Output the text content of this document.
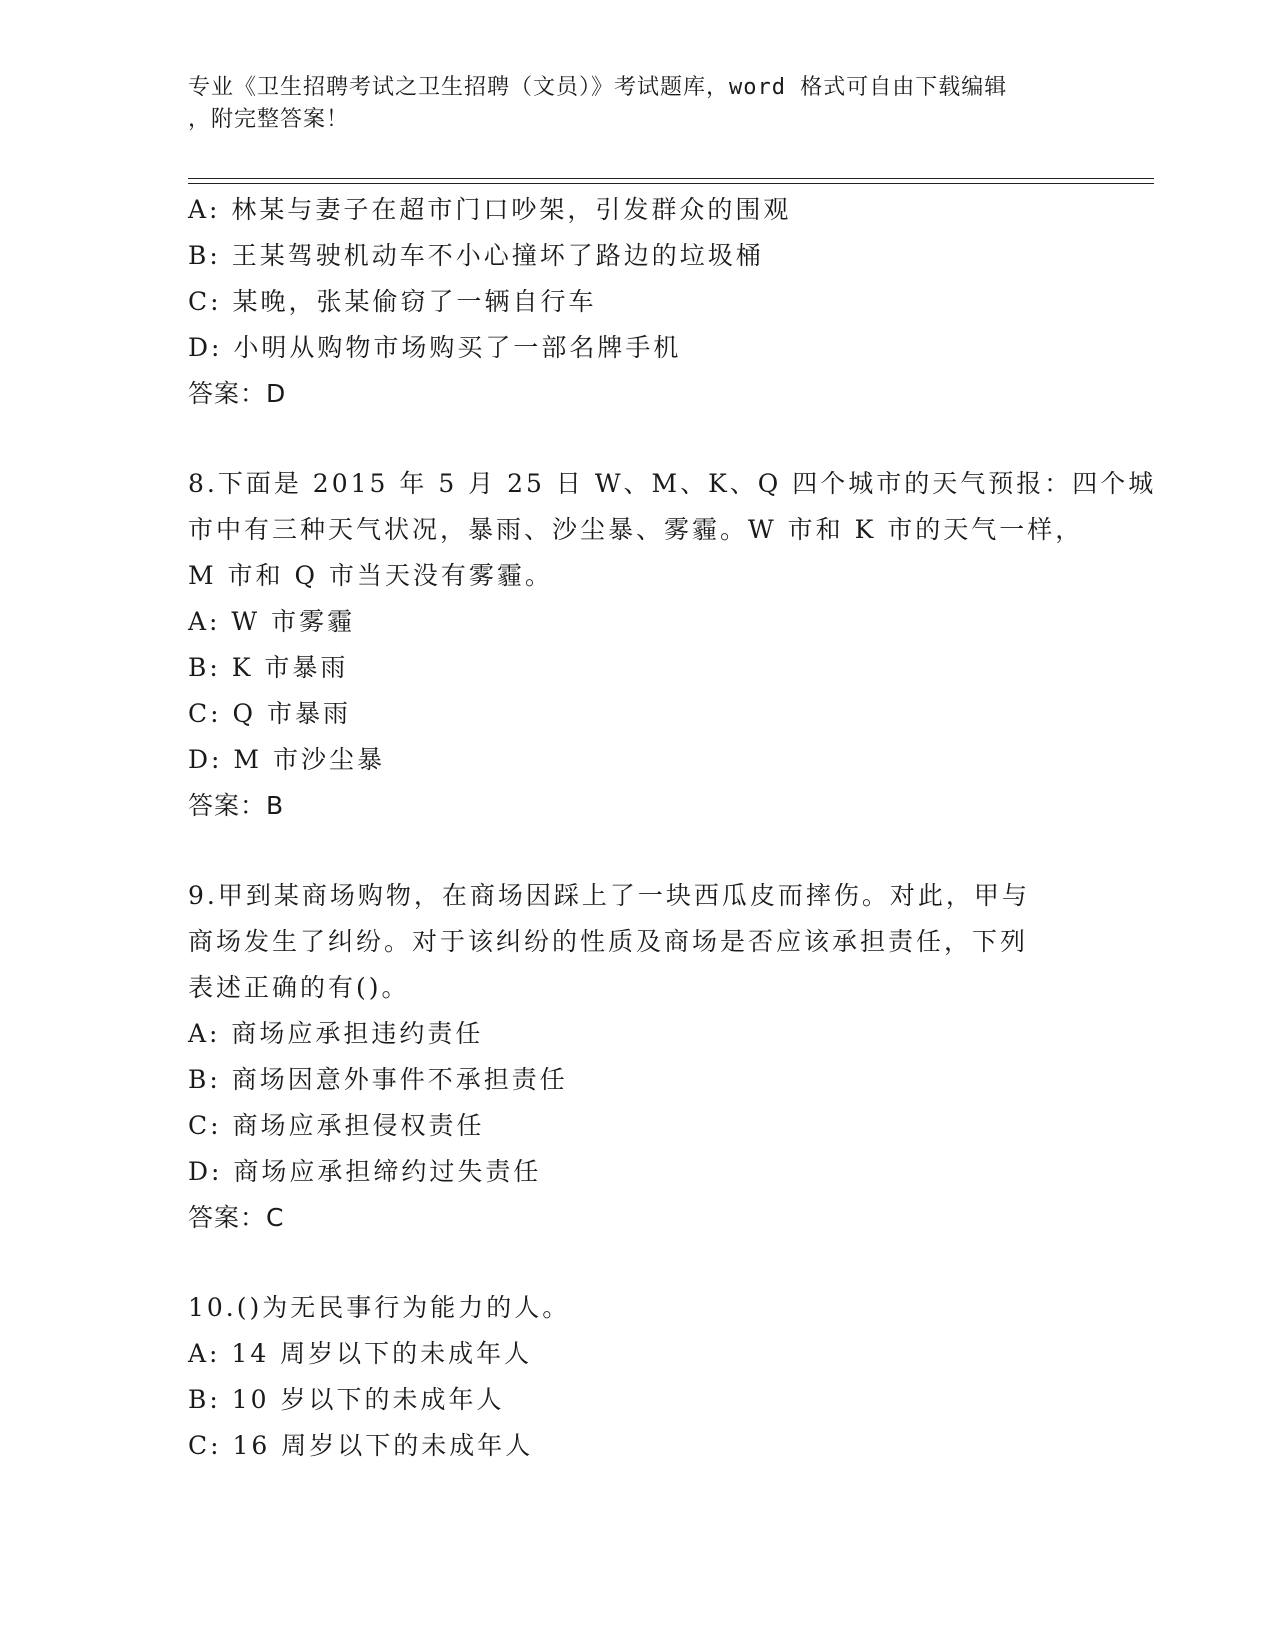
专业《卫生招聘考试之卫生招聘（文员）》考试题库，word 格式可自由下载编辑
，附完整答案！
A: 林某与妻子在超市门口吵架，引发群众的围观
B: 王某驾驶机动车不小心撞坏了路边的垃圾桶
C: 某晚，张某偷窃了一辆自行车
D: 小明从购物市场购买了一部名牌手机
答案：D
8.下面是 2015 年 5 月 25 日 W、M、K、Q 四个城市的天气预报：四个城
市中有三种天气状况，暴雨、沙尘暴、雾霾。W 市和 K 市的天气一样，
M 市和 Q 市当天没有雾霾。
A: W 市雾霾
B: K 市暴雨
C: Q 市暴雨
D: M 市沙尘暴
答案：B
9.甲到某商场购物，在商场因踩上了一块西瓜皮而摔伤。对此，甲与
商场发生了纠纷。对于该纠纷的性质及商场是否应该承担责任，下列
表述正确的有()。
A: 商场应承担违约责任
B: 商场因意外事件不承担责任
C: 商场应承担侵权责任
D: 商场应承担缔约过失责任
答案：C
10.()为无民事行为能力的人。
A: 14 周岁以下的未成年人
B: 10 岁以下的未成年人
C: 16 周岁以下的未成年人
